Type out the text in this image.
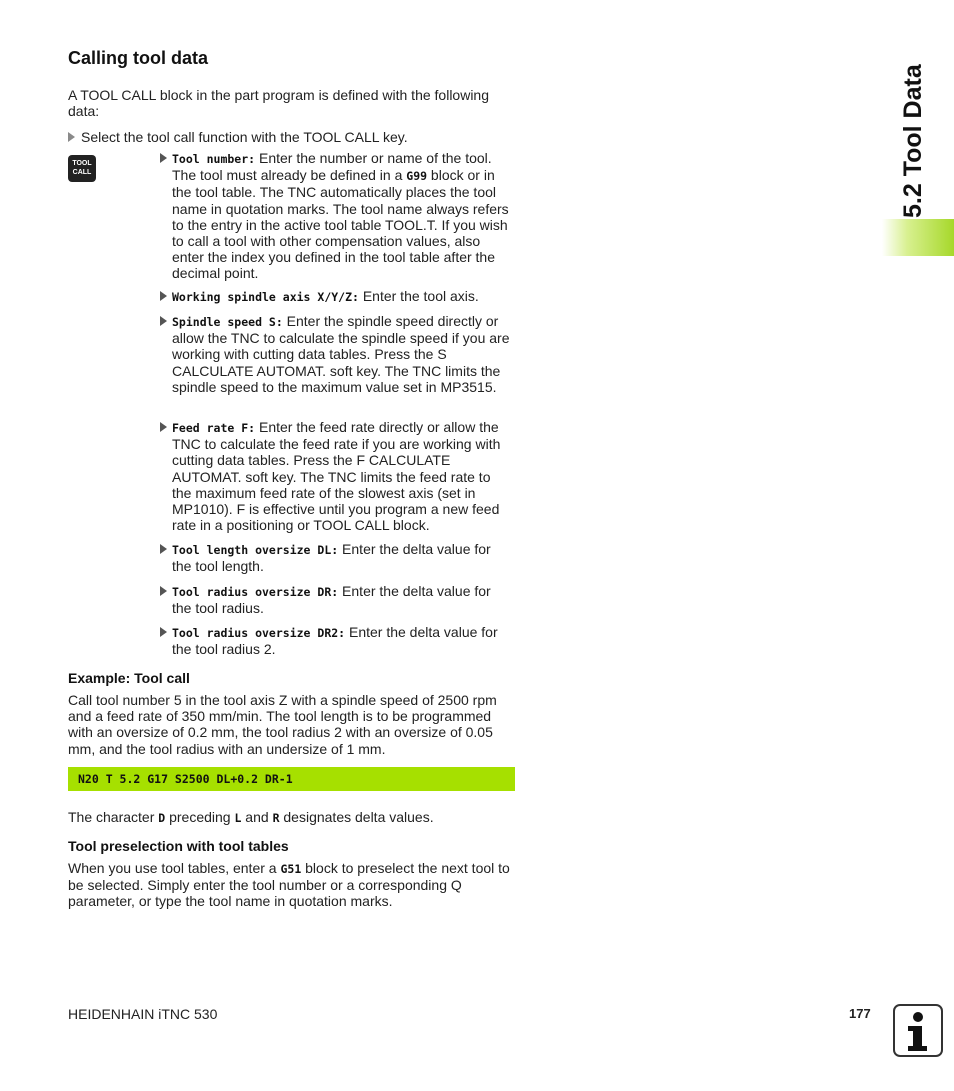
Calling tool data

A TOOL CALL block in the part program is defined with the following data:

Select the tool call function with the TOOL CALL key.

TOOL
CALL
Tool number: Enter the number or name of the tool. The tool must already be defined in a G99 block or in the tool table. The TNC automatically places the tool name in quotation marks. The tool name always refers to the entry in the active tool table TOOL.T. If you wish to call a tool with other compensation values, also enter the index you defined in the tool table after the decimal point.
Working spindle axis X/Y/Z: Enter the tool axis.
Spindle speed S: Enter the spindle speed directly or allow the TNC to calculate the spindle speed if you are working with cutting data tables. Press the S CALCULATE AUTOMAT. soft key. The TNC limits the spindle speed to the maximum value set in MP3515.
Feed rate F: Enter the feed rate directly or allow the TNC to calculate the feed rate if you are working with cutting data tables. Press the F CALCULATE AUTOMAT. soft key. The TNC limits the feed rate to the maximum feed rate of the slowest axis (set in MP1010). F is effective until you program a new feed rate in a positioning or TOOL CALL block.
Tool length oversize DL: Enter the delta value for the tool length.
Tool radius oversize DR: Enter the delta value for the tool radius.
Tool radius oversize DR2: Enter the delta value for the tool radius 2.
Example: Tool call

Call tool number 5 in the tool axis Z with a spindle speed of 2500 rpm and a feed rate of 350 mm/min. The tool length is to be programmed with an oversize of 0.2 mm, the tool radius 2 with an oversize of 0.05 mm, and the tool radius with an undersize of 1 mm.

N20 T 5.2 G17 S2500 DL+0.2 DR-1

The character D preceding L and R designates delta values.

Tool preselection with tool tables

When you use tool tables, enter a G51 block to preselect the next tool to be selected. Simply enter the tool number or a corresponding Q parameter, or type the tool name in quotation marks.

5.2 Tool Data
HEIDENHAIN iTNC 530	177
